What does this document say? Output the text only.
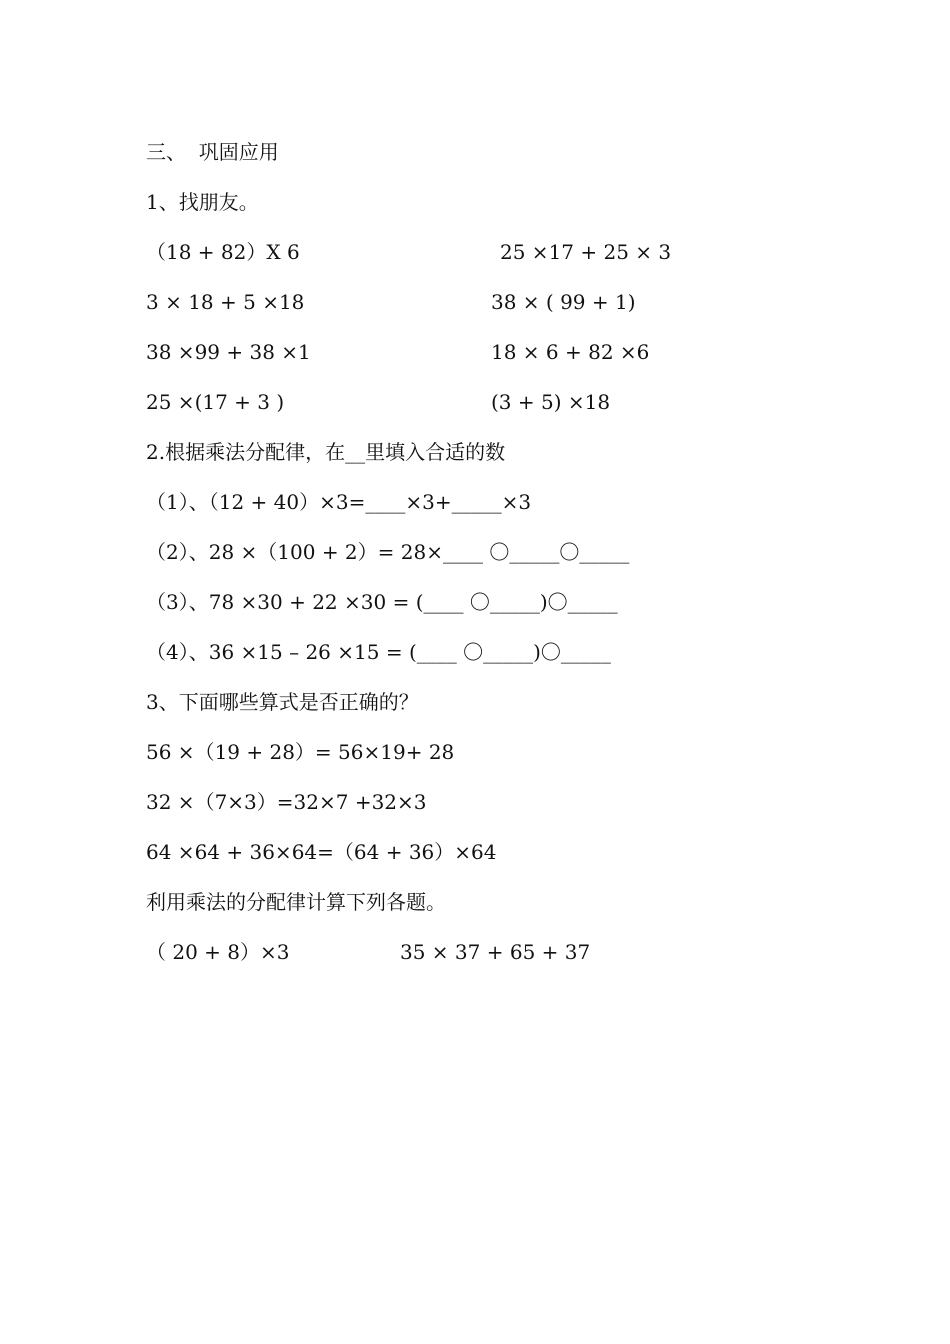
三、  巩固应用
1、找朋友。
（18 + 82）X 6	25 ×17 + 25 × 3
3 × 18 + 5 ×18	38 × ( 99 + 1)
38 ×99 + 38 ×1	18 × 6 + 82 ×6
25 ×(17 + 3 )	(3 + 5) ×18
2.根据乘法分配律，在__里填入合适的数
（1）、（12 + 40）×3=____×3+_____×3
（2）、28 ×（100 + 2）= 28×____ 〇_____〇_____
（3）、78 ×30 + 22 ×30 = (____ 〇_____)〇_____
（4）、36 ×15 – 26 ×15 = (____ 〇_____)〇_____
3、下面哪些算式是否正确的？
56 ×（19 + 28）= 56×19+ 28
32 ×（7×3）=32×7 +32×3
64 ×64 + 36×64=（64 + 36）×64
利用乘法的分配律计算下列各题。
（ 20 + 8）×3	35 × 37 + 65 + 37
